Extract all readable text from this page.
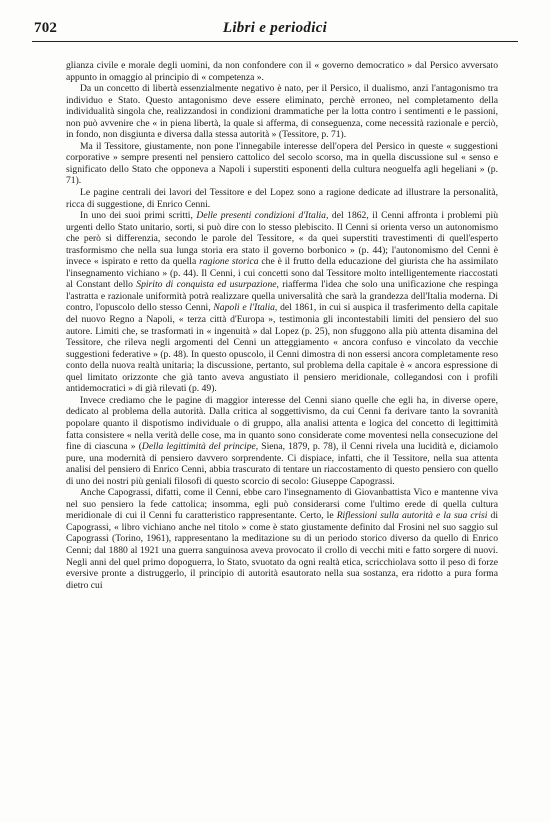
702	Libri e periodici

glianza civile e morale degli uomini, da non confondere con il « governo democratico » dal Persico avversato appunto in omaggio al principio di « competenza ».

Da un concetto di libertà essenzialmente negativo è nato, per il Persico, il dualismo, anzi l'antagonismo tra individuo e Stato. Questo antagonismo deve essere eliminato, perchè erroneo, nel completamento della individualità singola che, realizzandosi in condizioni drammatiche per la lotta contro i sentimenti e le passioni, non può avvenire che « in piena libertà, la quale si afferma, di conseguenza, come necessità razionale e perciò, in fondo, non disgiunta e diversa dalla stessa autorità » (Tessitore, p. 71).

Ma il Tessitore, giustamente, non pone l'innegabile interesse dell'opera del Persico in queste « suggestioni corporative » sempre presenti nel pensiero cattolico del secolo scorso, ma in quella discussione sul « senso e significato dello Stato che opponeva a Napoli i superstiti esponenti della cultura neoguelfa agli hegeliani » (p. 71).

Le pagine centrali dei lavori del Tessitore e del Lopez sono a ragione dedicate ad illustrare la personalità, ricca di suggestione, di Enrico Cenni.

In uno dei suoi primi scritti, Delle presenti condizioni d'Italia, del 1862, il Cenni affronta i problemi più urgenti dello Stato unitario, sorti, si può dire con lo stesso plebiscito. Il Cenni si orienta verso un autonomismo che però si differenzia, secondo le parole del Tessitore, « da quei superstiti travestimenti di quell'esperto trasformismo che nella sua lunga storia era stato il governo borbonico » (p. 44); l'autonomismo del Cenni è invece « ispirato e retto da quella ragione storica che è il frutto della educazione del giurista che ha assimilato l'insegnamento vichiano » (p. 44). Il Cenni, i cui concetti sono dal Tessitore molto intelligentemente riaccostati al Constant dello Spirito di conquista ed usurpazione, riafferma l'idea che solo una unificazione che respinga l'astratta e razionale uniformità potrà realizzare quella universalità che sarà la grandezza dell'Italia moderna. Di contro, l'opuscolo dello stesso Cenni, Napoli e l'Italia, del 1861, in cui si auspica il trasferimento della capitale del nuovo Regno a Napoli, « terza città d'Europa », testimonia gli incontestabili limiti del pensiero del suo autore. Limiti che, se trasformati in « ingenuità » dal Lopez (p. 25), non sfuggono alla più attenta disamina del Tessitore, che rileva negli argomenti del Cenni un atteggiamento « ancora confuso e vincolato da vecchie suggestioni federative » (p. 48). In questo opuscolo, il Cenni dimostra di non essersi ancora completamente reso conto della nuova realtà unitaria; la discussione, pertanto, sul problema della capitale è « ancora espressione di quel limitato orizzonte che già tanto aveva angustiato il pensiero meridionale, collegandosi con i profili antidemocratici » di già rilevati (p. 49).

Invece crediamo che le pagine di maggior interesse del Cenni siano quelle che egli ha, in diverse opere, dedicato al problema della autorità. Dalla critica al soggettivismo, da cui Cenni fa derivare tanto la sovranità popolare quanto il dispotismo individuale o di gruppo, alla analisi attenta e logica del concetto di legittimità fatta consistere « nella verità delle cose, ma in quanto sono considerate come moventesi nella consecuzione del fine di ciascuna » (Della legittimità del principe, Siena, 1879, p. 78), il Cenni rivela una lucidità e, diciamolo pure, una modernità di pensiero davvero sorprendente. Ci dispiace, infatti, che il Tessitore, nella sua attenta analisi del pensiero di Enrico Cenni, abbia trascurato di tentare un riaccostamento di questo pensiero con quello di uno dei nostri più geniali filosofi di questo scorcio di secolo: Giuseppe Capograssi.

Anche Capograssi, difatti, come il Cenni, ebbe caro l'insegnamento di Giovanbattista Vico e mantenne viva nel suo pensiero la fede cattolica; insomma, egli può considerarsi come l'ultimo erede di quella cultura meridionale di cui il Cenni fu caratteristico rappresentante. Certo, le Riflessioni sulla autorità e la sua crisi di Capograssi, « libro vichiano anche nel titolo » come è stato giustamente definito dal Frosini nel suo saggio sul Capograssi (Torino, 1961), rappresentano la meditazione su di un periodo storico diverso da quello di Enrico Cenni; dal 1880 al 1921 una guerra sanguinosa aveva provocato il crollo di vecchi miti e fatto sorgere di nuovi. Negli anni del quel primo dopoguerra, lo Stato, svuotato da ogni realtà etica, scricchiolava sotto il peso di forze eversive pronte a distruggerlo, il principio di autorità esautorato nella sua sostanza, era ridotto a pura forma dietro cui
